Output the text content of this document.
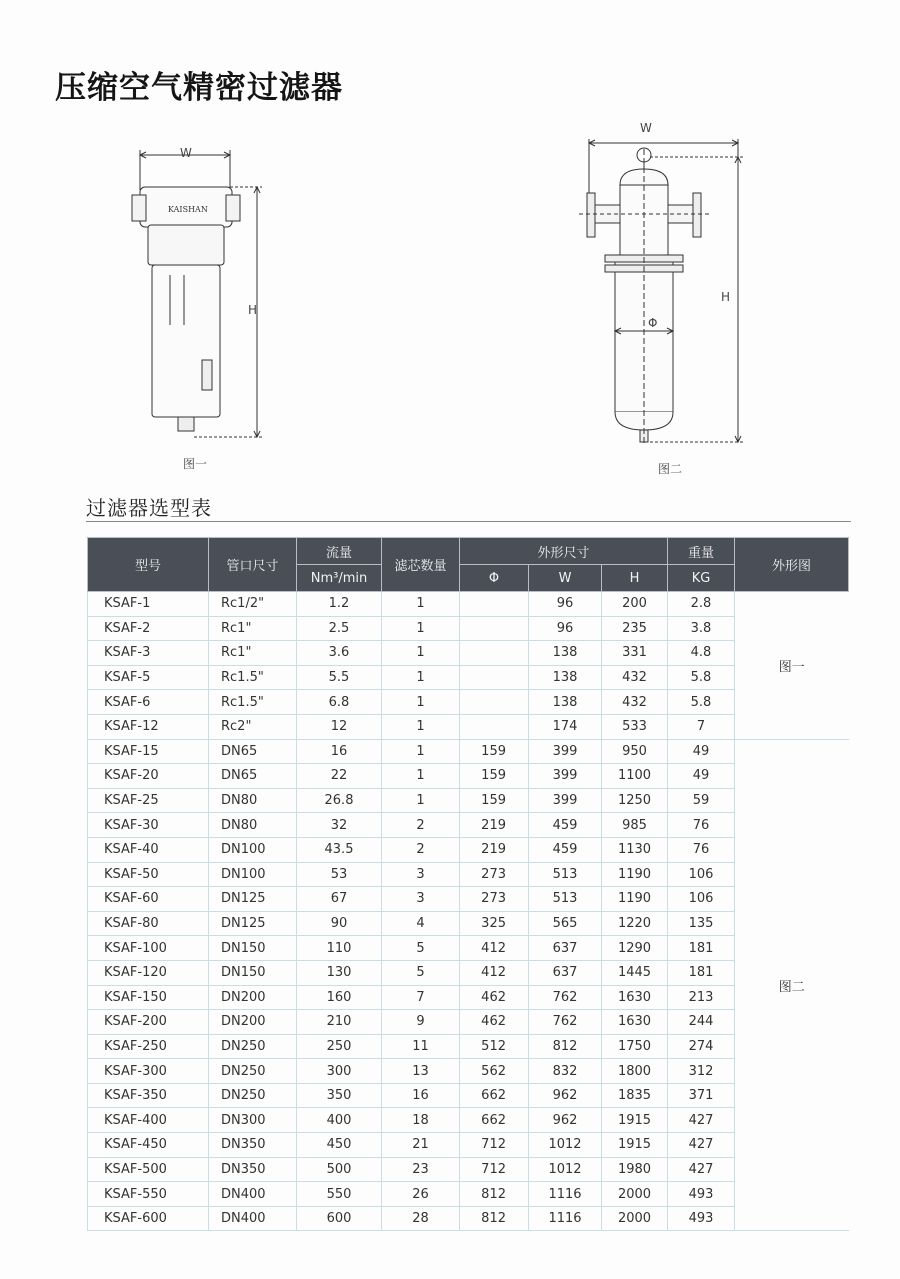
压缩空气精密过滤器
KAISHAN
W
H
图一
W
H
Φ
图二
过滤器选型表
型号	管口尺寸	流量	滤芯数量	外形尺寸			重量	外形图
		Nm³/min		Φ	W	H	KG	
KSAF-1	Rc1/2"	1.2	1		96	200	2.8	图一
KSAF-2	Rc1"	2.5	1		96	235	3.8	
KSAF-3	Rc1"	3.6	1		138	331	4.8	
KSAF-5	Rc1.5"	5.5	1		138	432	5.8	
KSAF-6	Rc1.5"	6.8	1		138	432	5.8	
KSAF-12	Rc2"	12	1		174	533	7	
KSAF-15	DN65	16	1	159	399	950	49	图二
KSAF-20	DN65	22	1	159	399	1100	49	
KSAF-25	DN80	26.8	1	159	399	1250	59	
KSAF-30	DN80	32	2	219	459	985	76	
KSAF-40	DN100	43.5	2	219	459	1130	76	
KSAF-50	DN100	53	3	273	513	1190	106	
KSAF-60	DN125	67	3	273	513	1190	106	
KSAF-80	DN125	90	4	325	565	1220	135	
KSAF-100	DN150	110	5	412	637	1290	181	
KSAF-120	DN150	130	5	412	637	1445	181	
KSAF-150	DN200	160	7	462	762	1630	213	
KSAF-200	DN200	210	9	462	762	1630	244	
KSAF-250	DN250	250	11	512	812	1750	274	
KSAF-300	DN250	300	13	562	832	1800	312	
KSAF-350	DN250	350	16	662	962	1835	371	
KSAF-400	DN300	400	18	662	962	1915	427	
KSAF-450	DN350	450	21	712	1012	1915	427	
KSAF-500	DN350	500	23	712	1012	1980	427	
KSAF-550	DN400	550	26	812	1116	2000	493	
KSAF-600	DN400	600	28	812	1116	2000	493	
